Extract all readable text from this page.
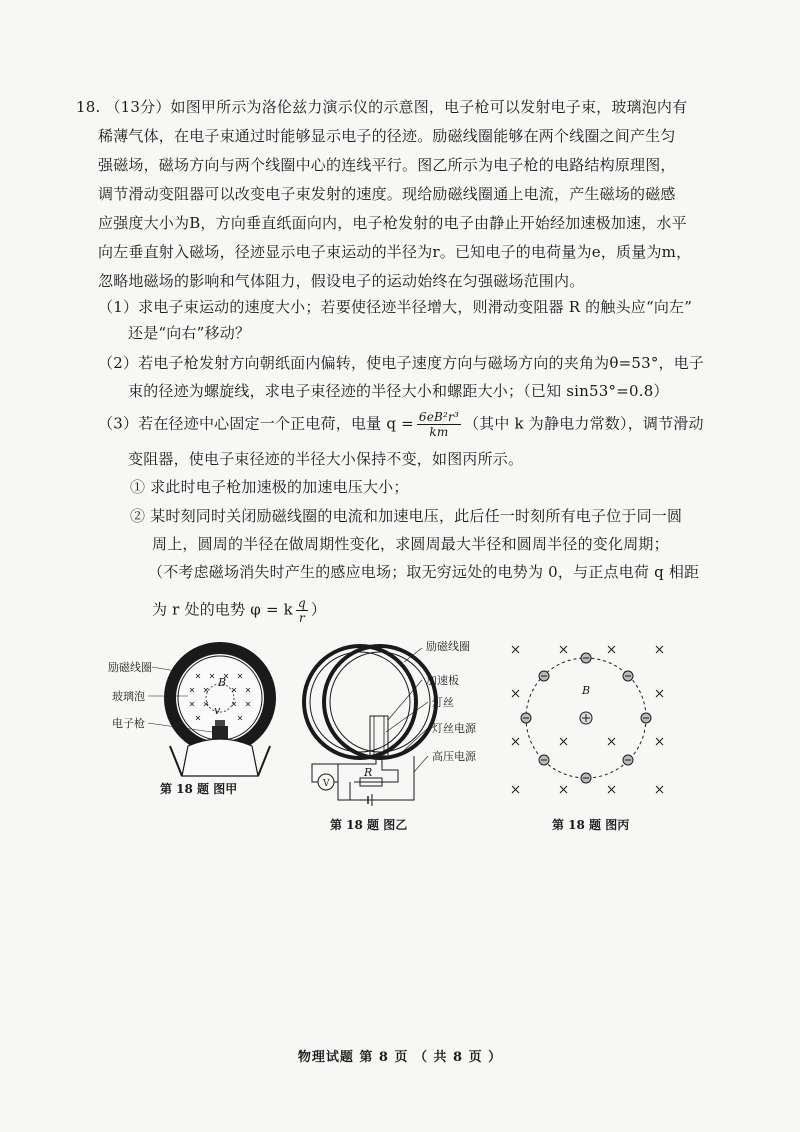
18. （13分）如图甲所示为洛伦兹力演示仪的示意图，电子枪可以发射电子束，玻璃泡内有
稀薄气体，在电子束通过时能够显示电子的径迹。励磁线圈能够在两个线圈之间产生匀
强磁场，磁场方向与两个线圈中心的连线平行。图乙所示为电子枪的电路结构原理图，
调节滑动变阻器可以改变电子束发射的速度。现给励磁线圈通上电流，产生磁场的磁感
应强度大小为B，方向垂直纸面向内，电子枪发射的电子由静止开始经加速极加速，水平
向左垂直射入磁场，径迹显示电子束运动的半径为r。已知电子的电荷量为e，质量为m，
忽略地磁场的影响和气体阻力，假设电子的运动始终在匀强磁场范围内。
（1）求电子束运动的速度大小；若要使径迹半径增大，则滑动变阻器 R 的触头应“向左”
还是“向右”移动？
（2）若电子枪发射方向朝纸面内偏转，使电子速度方向与磁场方向的夹角为θ=53°，电子
束的径迹为螺旋线，求电子束径迹的半径大小和螺距大小；（已知 sin53°=0.8）
（3）若在径迹中心固定一个正电荷，电量 $q = \frac{\text{6eB²r³}}{km}$ （其中 k 为静电力常数），调节滑动
变阻器，使电子束径迹的半径大小保持不变，如图丙所示。
① 求此时电子枪加速极的加速电压大小；
② 某时刻同时关闭励磁线圈的电流和加速电压，此后任一时刻所有电子位于同一圆
周上，圆周的半径在做周期性变化，求圆周最大半径和圆周半径的变化周期；
（不考虑磁场消失时产生的感应电场；取无穷远处的电势为 0，与正点电荷 q 相距
为 r 处的电势 φ = k $\frac{q}{r}$ ）
B
v
励磁线圈
玻璃泡
电子枪
第 18 题 图甲	V
R
励磁线圈
加速板
灯丝
灯丝电源
高压电源
第 18 题 图乙
B
第 18 题 图丙
物理试题 第 8 页 （ 共 8 页 ）
